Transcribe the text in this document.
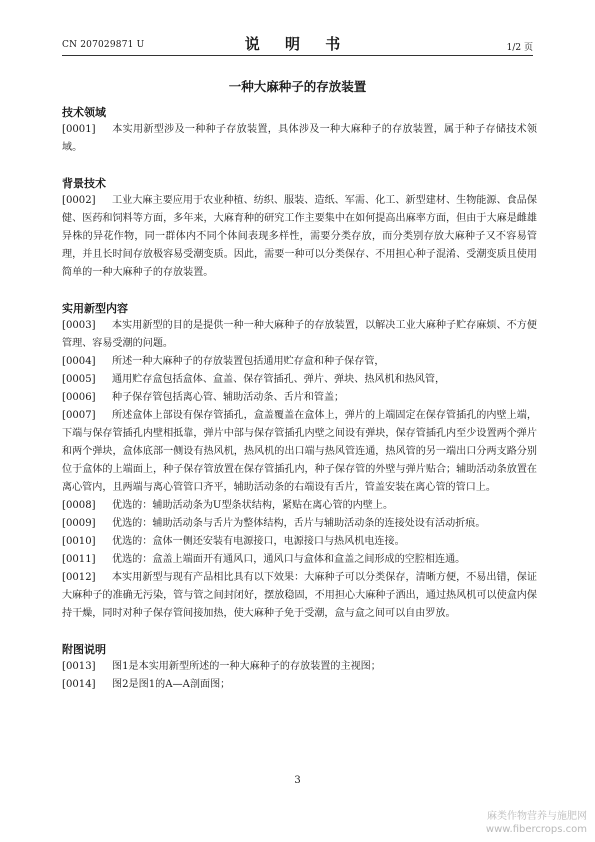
CN 207029871 U	说 明 书	1/2 页
一种大麻种子的存放装置
技术领域
[0001] 本实用新型涉及一种种子存放装置，具体涉及一种大麻种子的存放装置，属于种子存储技术领域。
背景技术
[0002] 工业大麻主要应用于农业种植、纺织、服装、造纸、军需、化工、新型建材、生物能源、食品保健、医药和饲料等方面，多年来，大麻育种的研究工作主要集中在如何提高出麻率方面，但由于大麻是雌雄异株的异花作物，同一群体内不同个体间表现多样性，需要分类存放，而分类别存放大麻种子又不容易管理，并且长时间存放极容易受潮变质。因此，需要一种可以分类保存、不用担心种子混淆、受潮变质且使用简单的一种大麻种子的存放装置。
实用新型内容
[0003] 本实用新型的目的是提供一种一种大麻种子的存放装置，以解决工业大麻种子贮存麻烦、不方便管理、容易受潮的问题。
[0004] 所述一种大麻种子的存放装置包括通用贮存盒和种子保存管，
[0005] 通用贮存盒包括盒体、盒盖、保存管插孔、弹片、弹块、热风机和热风管，
[0006] 种子保存管包括离心管、辅助活动条、舌片和管盖；
[0007] 所述盒体上部设有保存管插孔，盒盖覆盖在盒体上，弹片的上端固定在保存管插孔的内壁上端，下端与保存管插孔内壁相抵靠，弹片中部与保存管插孔内壁之间设有弹块，保存管插孔内至少设置两个弹片和两个弹块，盒体底部一侧设有热风机，热风机的出口端与热风管连通，热风管的另一端出口分两支路分别位于盒体的上端面上，种子保存管放置在保存管插孔内，种子保存管的外壁与弹片贴合；辅助活动条放置在离心管内，且两端与离心管管口齐平，辅助活动条的右端设有舌片，管盖安装在离心管的管口上。
[0008] 优选的：辅助活动条为U型条状结构，紧贴在离心管的内壁上。
[0009] 优选的：辅助活动条与舌片为整体结构，舌片与辅助活动条的连接处设有活动折痕。
[0010] 优选的：盒体一侧还安装有电源接口，电源接口与热风机电连接。
[0011] 优选的：盒盖上端面开有通风口，通风口与盒体和盒盖之间形成的空腔相连通。
[0012] 本实用新型与现有产品相比具有以下效果：大麻种子可以分类保存，清晰方便，不易出错，保证大麻种子的准确无污染，管与管之间封闭好，摆放稳固，不用担心大麻种子洒出，通过热风机可以使盒内保持干燥，同时对种子保存管间接加热，使大麻种子免于受潮，盒与盒之间可以自由罗放。
附图说明
[0013] 图1是本实用新型所述的一种大麻种子的存放装置的主视图；
[0014] 图2是图1的A—A剖面图；
3
麻类作物营养与施肥网
www.fibercrops.com
